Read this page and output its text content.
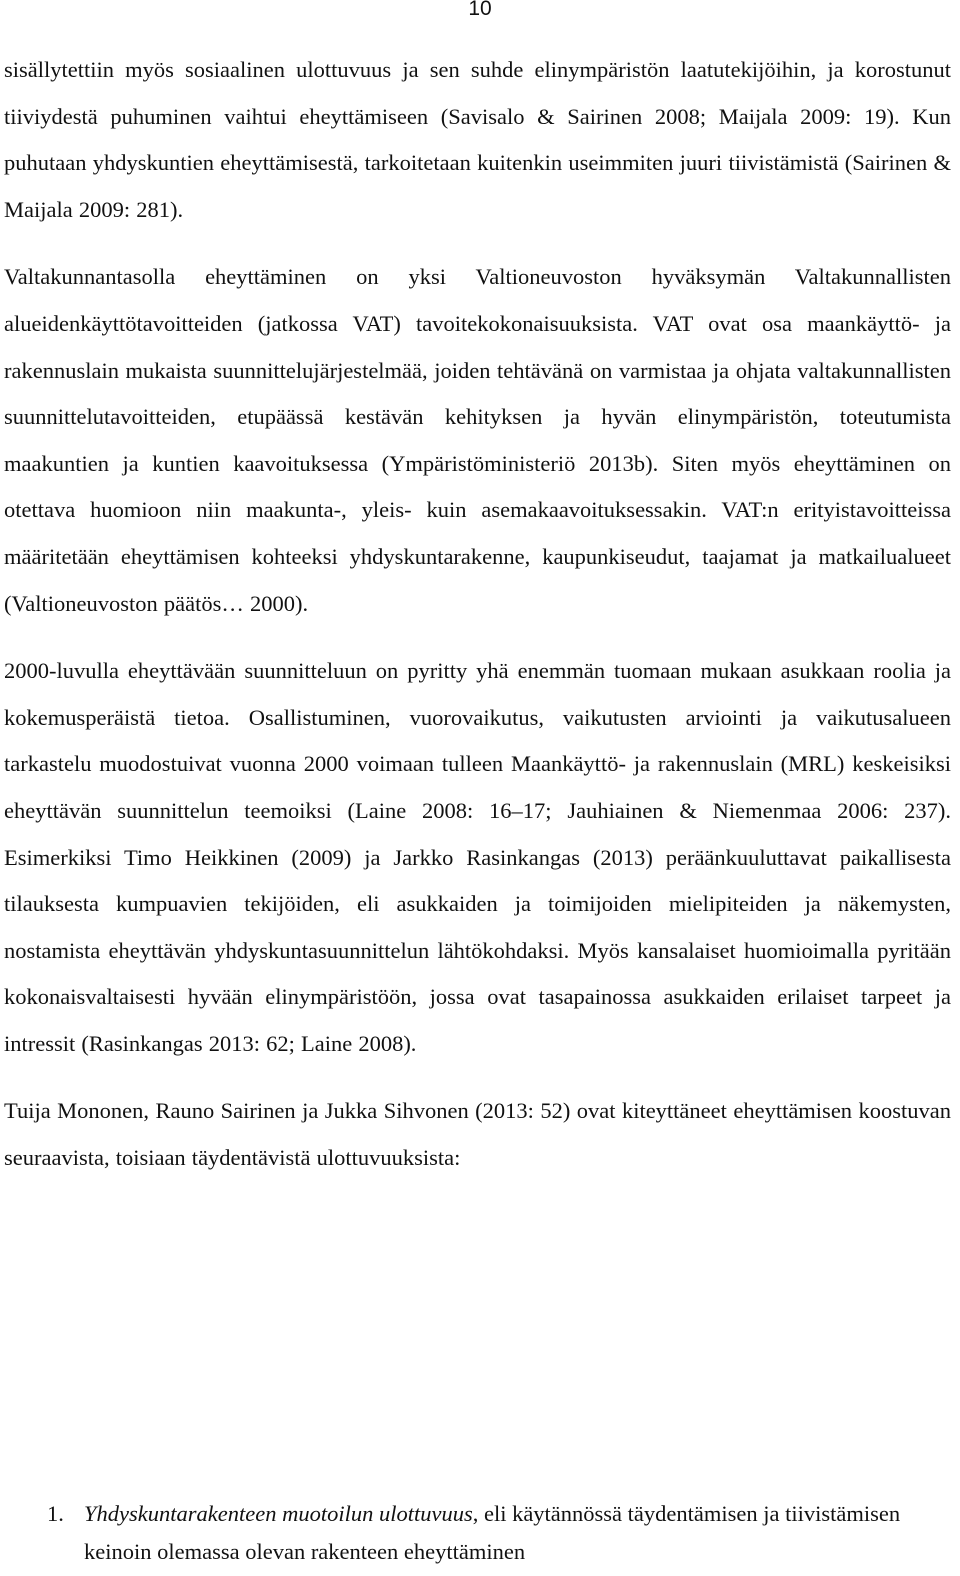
10

sisällytettiin myös sosiaalinen ulottuvuus ja sen suhde elinympäristön laatutekijöihin, ja korostunut tiiviydestä puhuminen vaihtui eheyttämiseen (Savisalo & Sairinen 2008; Maijala 2009: 19). Kun puhutaan yhdyskuntien eheyttämisestä, tarkoitetaan kuitenkin useimmiten juuri tiivistämistä (Sairinen & Maijala 2009: 281).

Valtakunnantasolla eheyttäminen on yksi Valtioneuvoston hyväksymän Valtakunnallisten alueidenkäyttötavoitteiden (jatkossa VAT) tavoitekokonaisuuksista. VAT ovat osa maankäyttö- ja rakennuslain mukaista suunnittelujärjestelmää, joiden tehtävänä on varmistaa ja ohjata valtakunnallisten suunnittelutavoitteiden, etupäässä kestävän kehityksen ja hyvän elinympäristön, toteutumista maakuntien ja kuntien kaavoituksessa (Ympäristöministeriö 2013b). Siten myös eheyttäminen on otettava huomioon niin maakunta-, yleis- kuin asemakaavoituksessakin. VAT:n erityistavoitteissa määritetään eheyttämisen kohteeksi yhdyskuntarakenne, kaupunkiseudut, taajamat ja matkailualueet (Valtioneuvoston päätös… 2000).

2000-luvulla eheyttävään suunnitteluun on pyritty yhä enemmän tuomaan mukaan asukkaan roolia ja kokemusperäistä tietoa. Osallistuminen, vuorovaikutus, vaikutusten arviointi ja vaikutusalueen tarkastelu muodostuivat vuonna 2000 voimaan tulleen Maankäyttö- ja rakennuslain (MRL) keskeisiksi eheyttävän suunnittelun teemoiksi (Laine 2008: 16–17; Jauhiainen & Niemenmaa 2006: 237). Esimerkiksi Timo Heikkinen (2009) ja Jarkko Rasinkangas (2013) peräänkuuluttavat paikallisesta tilauksesta kumpuavien tekijöiden, eli asukkaiden ja toimijoiden mielipiteiden ja näkemysten, nostamista eheyttävän yhdyskuntasuunnittelun lähtökohdaksi. Myös kansalaiset huomioimalla pyritään kokonaisvaltaisesti hyvään elinympäristöön, jossa ovat tasapainossa asukkaiden erilaiset tarpeet ja intressit (Rasinkangas 2013: 62; Laine 2008).

Tuija Mononen, Rauno Sairinen ja Jukka Sihvonen (2013: 52) ovat kiteyttäneet eheyttämisen koostuvan seuraavista, toisiaan täydentävistä ulottuvuuksista:

1. Yhdyskuntarakenteen muotoilun ulottuvuus, eli käytännössä täydentämisen ja tiivistämisen keinoin olemassa olevan rakenteen eheyttäminen
